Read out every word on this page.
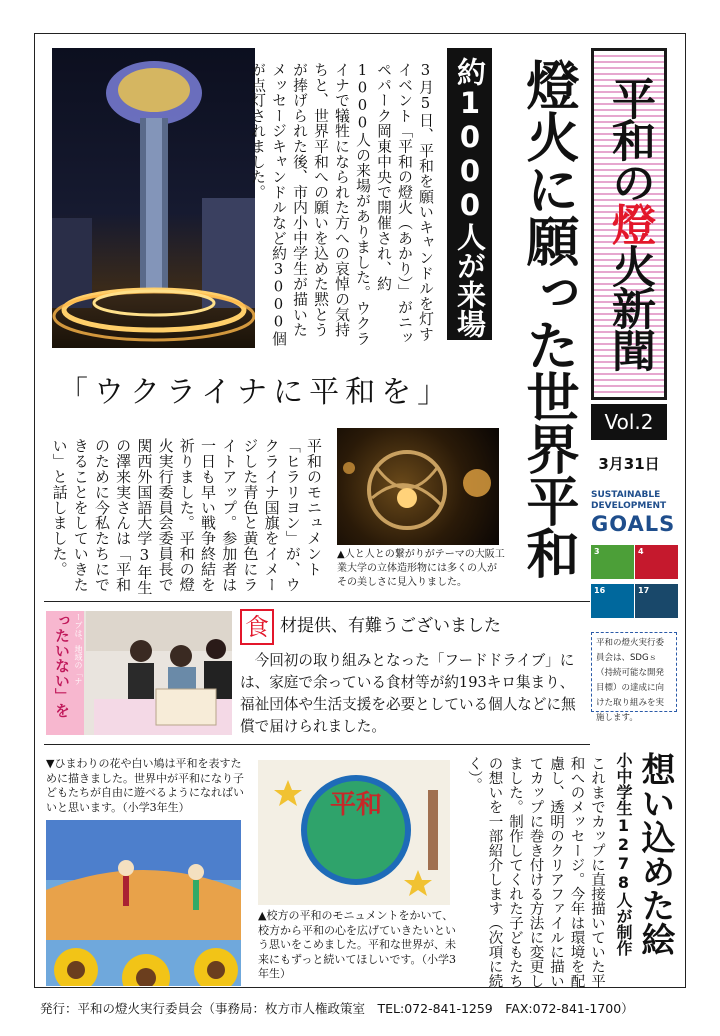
平和の
燈
火新聞
Vol.2
3月31日
SUSTAINABLE
DEVELOPMENT
GOALS
3	4
16	17
平和の燈火実行委員会は、SDGｓ（持続可能な開発目標）の達成に向けた取り組みを実施します。
燈火に願った世界平和
約1000人が来場
3月5日、平和を願いキャンドルを灯すイベント「平和の燈火（あかり）」がニッペパーク岡東中央で開催され、約1000人の来場がありました。ウクライナで犠牲になられた方への哀悼の気持ちと、世界平和への願いを込めた黙とうが捧げられた後、市内小中学生が描いたメッセージキャンドルなど約3000個が点灯されました。
「ウクライナに平和を」
平和のモニュメント「ヒラリヨン」が、ウクライナ国旗をイメージした青色と黄色にライトアップ。参加者は一日も早い戦争終結を祈りました。平和の燈火実行委員会委員長で関西外国語大学3年生の澤来実さんは「平和のために今私たちにできることをしていきたい」と話しました。	▲人と人との繋がりがテーマの大阪工業大学の立体造形物には多くの人がその美しさに見入りました。
ったいない」を ーブは、地域の「ナ	食 材提供、有難うございました
今回初の取り組みとなった「フードドライブ」には、家庭で余っている食材等が約193キロ集まり、福祉団体や生活支援を必要としている個人などに無償で届けられました。
想い込めた絵
小中学生1278人が制作
これまでカップに直接描いていた平和へのメッセージ。今年は環境を配慮し、透明のクリアファイルに描いてカップに巻き付ける方法に変更しました。制作してくれた子どもたちの想いを一部紹介します（次項に続く）。
▼ひまわりの花や白い鳩は平和を表すために描きました。世界中が平和になり子どもたちが自由に遊べるようになればいいと思います。（小学3年生）	平和
▲校方の平和のモニュメントをかいて、校方から平和の心を広げていきたいという思いをこめました。平和な世界が、未来にもずっと続いてほしいです。（小学3年生）
発行：平和の燈火実行委員会（事務局：枚方市人権政策室　TEL:072-841-1259　FAX:072-841-1700）
